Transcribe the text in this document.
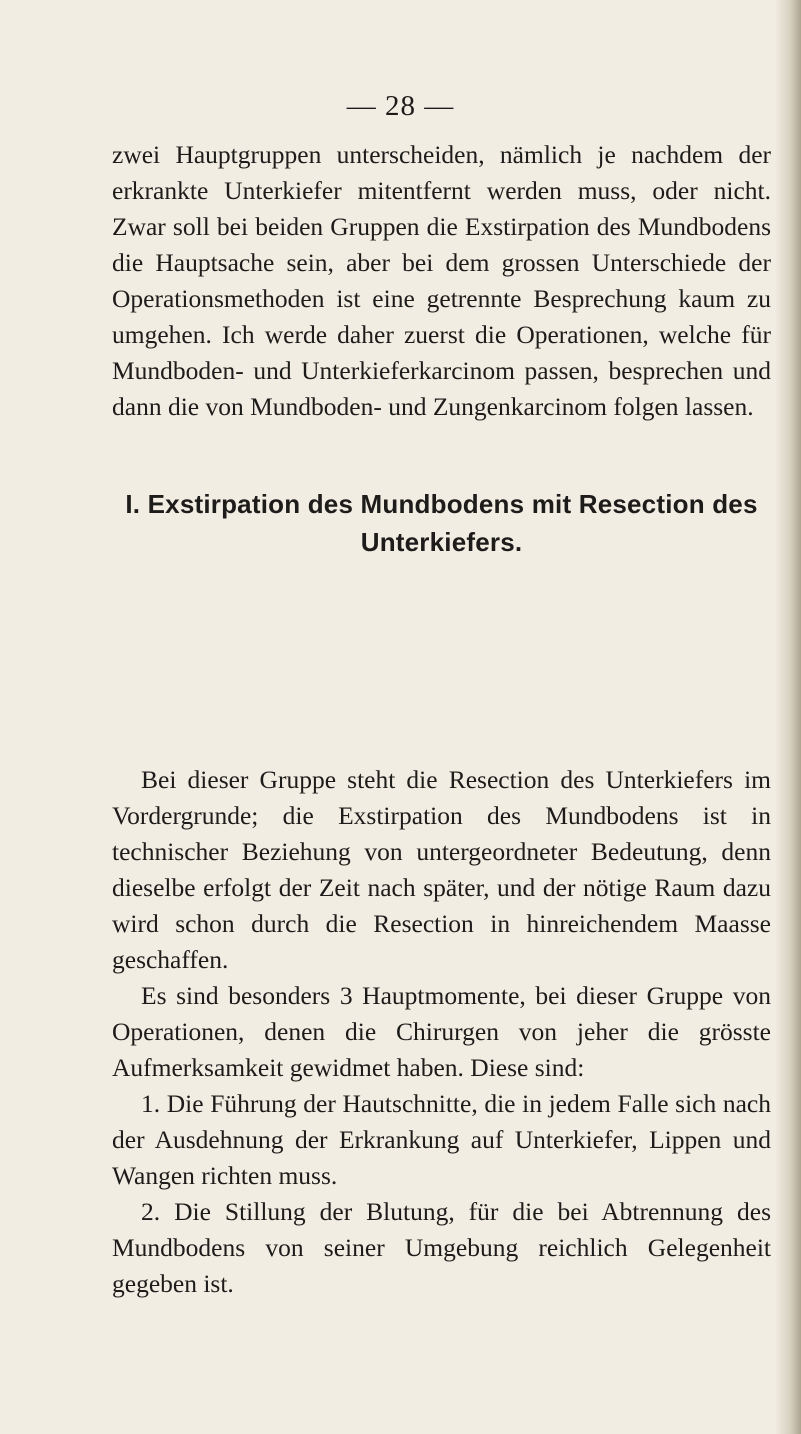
— 28 —

zwei Hauptgruppen unterscheiden, nämlich je nachdem der erkrankte Unterkiefer mitentfernt werden muss, oder nicht. Zwar soll bei beiden Gruppen die Exstirpation des Mundbodens die Hauptsache sein, aber bei dem grossen Unterschiede der Operationsmethoden ist eine getrennte Besprechung kaum zu umgehen. Ich werde daher zuerst die Operationen, welche für Mundboden- und Unterkieferkarcinom passen, besprechen und dann die von Mundboden- und Zungenkarcinom folgen lassen.

I. Exstirpation des Mundbodens mit Resection des
Unterkiefers.

Bei dieser Gruppe steht die Resection des Unterkiefers im Vordergrunde; die Exstirpation des Mundbodens ist in technischer Beziehung von untergeordneter Bedeutung, denn dieselbe erfolgt der Zeit nach später, und der nötige Raum dazu wird schon durch die Resection in hinreichendem Maasse geschaffen.

Es sind besonders 3 Hauptmomente, bei dieser Gruppe von Operationen, denen die Chirurgen von jeher die grösste Aufmerksamkeit gewidmet haben. Diese sind:

1. Die Führung der Hautschnitte, die in jedem Falle sich nach der Ausdehnung der Erkrankung auf Unterkiefer, Lippen und Wangen richten muss.

2. Die Stillung der Blutung, für die bei Abtrennung des Mundbodens von seiner Umgebung reichlich Gelegenheit gegeben ist.
